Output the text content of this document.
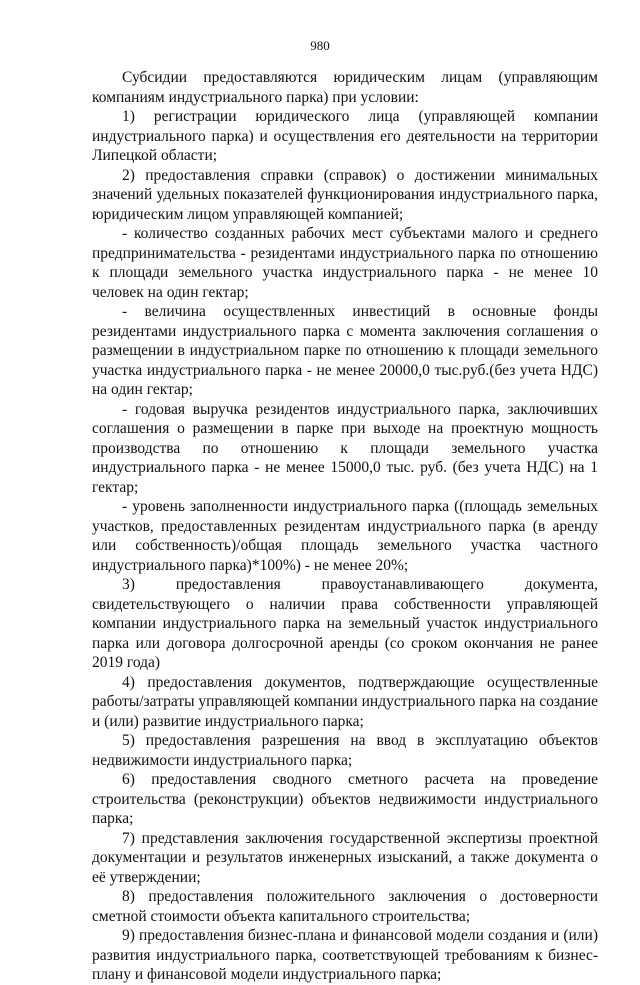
980

Субсидии предоставляются юридическим лицам (управляющим компаниям индустриального парка) при условии:

1) регистрации юридического лица (управляющей компании индустриального парка) и осуществления его деятельности на территории Липецкой области;

2) предоставления справки (справок) о достижении минимальных значений удельных показателей функционирования индустриального парка, юридическим лицом управляющей компанией;

- количество созданных рабочих мест субъектами малого и среднего предпринимательства - резидентами индустриального парка по отношению к площади земельного участка индустриального парка - не менее 10 человек на один гектар;

- величина осуществленных инвестиций в основные фонды резидентами индустриального парка с момента заключения соглашения о размещении в индустриальном парке по отношению к площади земельного участка индустриального парка - не менее 20000,0 тыс.руб.(без учета НДС) на один гектар;

- годовая выручка резидентов индустриального парка, заключивших соглашения о размещении в парке при выходе на проектную мощность производства по отношению к площади земельного участка индустриального парка - не менее 15000,0 тыс. руб. (без учета НДС) на 1 гектар;

- уровень заполненности индустриального парка ((площадь земельных участков, предоставленных резидентам индустриального парка (в аренду или собственность)/общая площадь земельного участка частного индустриального парка)*100%) - не менее 20%;

3) предоставления правоустанавливающего документа, свидетельствующего о наличии права собственности управляющей компании индустриального парка на земельный участок индустриального парка или договора долгосрочной аренды (со сроком окончания не ранее 2019 года)

4) предоставления документов, подтверждающие осуществленные работы/затраты управляющей компании индустриального парка на создание и (или) развитие индустриального парка;

5) предоставления разрешения на ввод в эксплуатацию объектов недвижимости индустриального парка;

6) предоставления сводного сметного расчета на проведение строительства (реконструкции) объектов недвижимости индустриального парка;

7) представления заключения государственной экспертизы проектной документации и результатов инженерных изысканий, а также документа о её утверждении;

8) предоставления положительного заключения о достоверности сметной стоимости объекта капитального строительства;

9) предоставления бизнес-плана и финансовой модели создания и (или) развития индустриального парка, соответствующей требованиям к бизнес-плану и финансовой модели индустриального парка;
